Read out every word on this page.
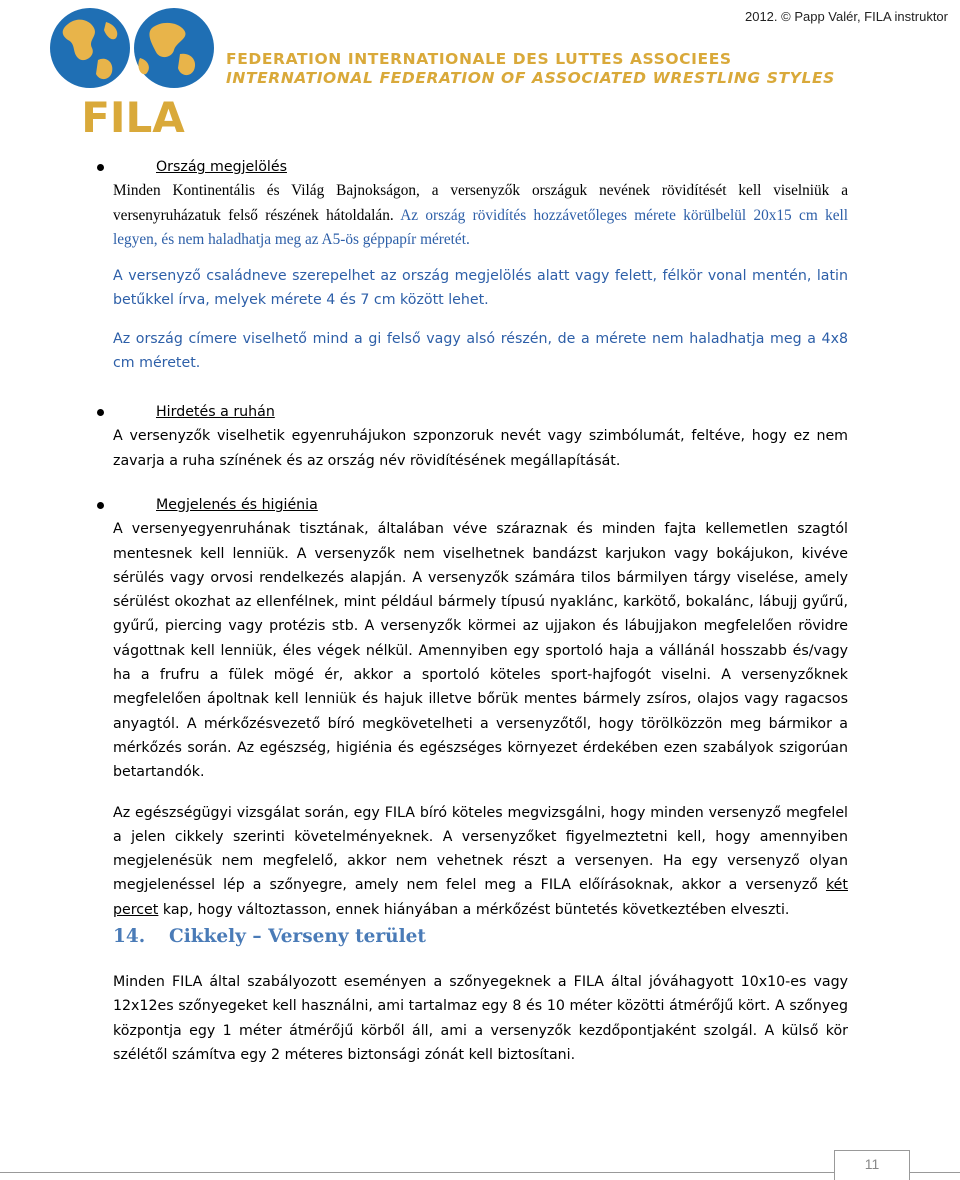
2012. © Papp Valér, FILA instruktor
FILA
FEDERATION INTERNATIONALE DES LUTTES ASSOCIEES
INTERNATIONAL FEDERATION OF ASSOCIATED WRESTLING STYLES

Ország megjelölés

Minden Kontinentális és Világ Bajnokságon, a versenyzők országuk nevének rövidítését kell viselniük a versenyruházatuk felső részének hátoldalán. Az ország rövidítés hozzávetőleges mérete körülbelül 20x15 cm kell legyen, és nem haladhatja meg az A5-ös géppapír méretét.

A versenyző családneve szerepelhet az ország megjelölés alatt vagy felett, félkör vonal mentén, latin betűkkel írva, melyek mérete 4 és 7 cm között lehet.

Az ország címere viselhető mind a gi felső vagy alsó részén, de a mérete nem haladhatja meg a 4x8 cm méretet.

Hirdetés a ruhán

A versenyzők viselhetik egyenruhájukon szponzoruk nevét vagy szimbólumát, feltéve, hogy ez nem zavarja a ruha színének és az ország név rövidítésének megállapítását.

Megjelenés és higiénia

A versenyegyenruhának tisztának, általában véve száraznak és minden fajta kellemetlen szagtól mentesnek kell lenniük. A versenyzők nem viselhetnek bandázst karjukon vagy bokájukon, kivéve sérülés vagy orvosi rendelkezés alapján. A versenyzők számára tilos bármilyen tárgy viselése, amely sérülést okozhat az ellenfélnek, mint például bármely típusú nyaklánc, karkötő, bokalánc, lábujj gyűrű, gyűrű, piercing vagy protézis stb. A versenyzők körmei az ujjakon és lábujjakon megfelelően rövidre vágottnak kell lenniük, éles végek nélkül. Amennyiben egy sportoló haja a vállánál hosszabb és/vagy ha a frufru a fülek mögé ér, akkor a sportoló köteles sport-hajfogót viselni. A versenyzőknek megfelelően ápoltnak kell lenniük és hajuk illetve bőrük mentes bármely zsíros, olajos vagy ragacsos anyagtól. A mérkőzésvezető bíró megkövetelheti a versenyzőtől, hogy törölközzön meg bármikor a mérkőzés során. Az egészség, higiénia és egészséges környezet érdekében ezen szabályok szigorúan betartandók.

Az egészségügyi vizsgálat során, egy FILA bíró köteles megvizsgálni, hogy minden versenyző megfelel a jelen cikkely szerinti követelményeknek. A versenyzőket figyelmeztetni kell, hogy amennyiben megjelenésük nem megfelelő, akkor nem vehetnek részt a versenyen. Ha egy versenyző olyan megjelenéssel lép a szőnyegre, amely nem felel meg a FILA előírásoknak, akkor a versenyző két percet kap, hogy változtasson, ennek hiányában a mérkőzést büntetés következtében elveszti.

14. Cikkely – Verseny terület

Minden FILA által szabályozott eseményen a szőnyegeknek a FILA által jóváhagyott 10x10-es vagy 12x12es szőnyegeket kell használni, ami tartalmaz egy 8 és 10 méter közötti átmérőjű kört. A szőnyeg központja egy 1 méter átmérőjű körből áll, ami a versenyzők kezdőpontjaként szolgál. A külső kör szélétől számítva egy 2 méteres biztonsági zónát kell biztosítani.

11
